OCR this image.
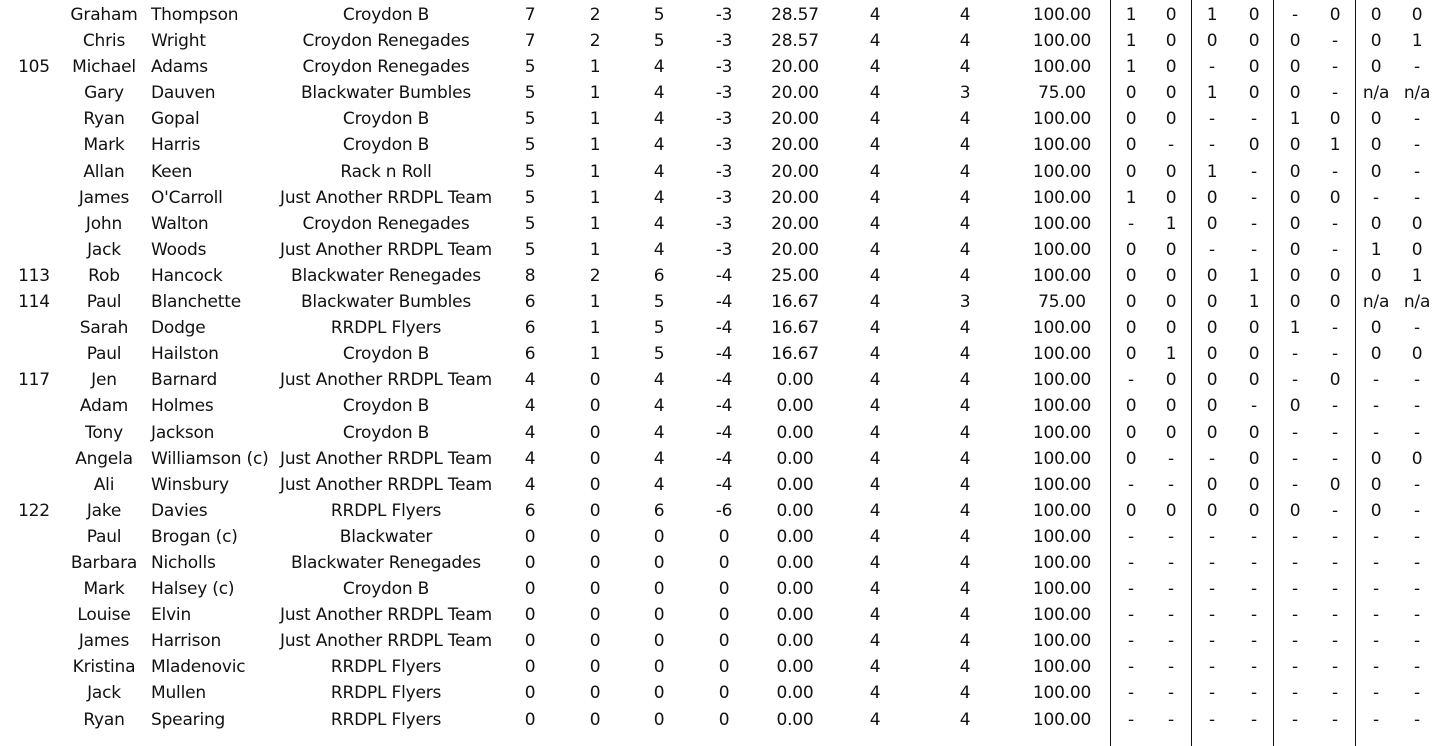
Graham Thompson	Croydon B	7	2	5	-3 28.57	4	4	100.00 1 0 1 0 - 0 0 0
Chris Wright	Croydon Renegades	7	2	5	-3 28.57	4	4	100.00 1 0 0 0 0 - 0 1
105 Michael Adams	Croydon Renegades	5	1	4	-3 20.00	4	4	100.00 1 0 - 0 0 - 0 -
Gary Dauven	Blackwater Bumbles	5	1	4	-3 20.00	4	3	75.00 0 0 1 0 0 - n/a n/a
Ryan Gopal	Croydon B	5	1	4	-3 20.00	4	4	100.00 0 0 - - 1 0 0 -
Mark Harris	Croydon B	5	1	4	-3 20.00	4	4	100.00 0 - - 0 0 1 0 -
Allan Keen	Rack n Roll	5	1	4	-3 20.00	4	4	100.00 0 0 1 - 0 - 0 -
James O'Carroll	Just Another RRDPL Team 5	1	4	-3 20.00	4	4	100.00 1 0 0 - 0 0 - -
John Walton	Croydon Renegades	5	1	4	-3 20.00	4	4	100.00 - 1 0 - 0 - 0 0
Jack Woods	Just Another RRDPL Team 5	1	4	-3 20.00	4	4	100.00 0 0 - - 0 - 1 0
113 Rob Hancock	Blackwater Renegades	8	2	6	-4 25.00	4	4	100.00 0 0 0 1 0 0 0 1
114 Paul Blanchette	Blackwater Bumbles	6	1	5	-4 16.67	4	3	75.00 0 0 0 1 0 0 n/a n/a
Sarah Dodge	RRDPL Flyers	6	1	5	-4 16.67	4	4	100.00 0 0 0 0 1 - 0 -
Paul Hailston	Croydon B	6	1	5	-4 16.67	4	4	100.00 0 1 0 0 - - 0 0
117 Jen Barnard	Just Another RRDPL Team 4	0	4	-4	0.00	4	4	100.00 - 0 0 0 - 0 - -
Adam Holmes	Croydon B	4	0	4	-4	0.00	4	4	100.00 0 0 0 - 0 - - -
Tony Jackson	Croydon B	4	0	4	-4	0.00	4	4	100.00 0 0 0 0 - - - -
Angela Williamson (c) Just Another RRDPL Team 4	0	4	-4	0.00	4	4	100.00 0 - - 0 - - 0 0
Ali Winsbury	Just Another RRDPL Team 4	0	4	-4	0.00	4	4	100.00 - - 0 0 - 0 0 -
122 Jake Davies	RRDPL Flyers	6	0	6	-6	0.00	4	4	100.00 0 0 0 0 0 - 0 -
Paul Brogan (c)	Blackwater	0	0	0	0	0.00	4	4	100.00 - - - - - - - -
Barbara Nicholls	Blackwater Renegades	0	0	0	0	0.00	4	4	100.00 - - - - - - - -
Mark Halsey (c)	Croydon B	0	0	0	0	0.00	4	4	100.00 - - - - - - - -
Louise Elvin	Just Another RRDPL Team 0	0	0	0	0.00	4	4	100.00 - - - - - - - -
James Harrison	Just Another RRDPL Team 0	0	0	0	0.00	4	4	100.00 - - - - - - - -
Kristina Mladenovic	RRDPL Flyers	0	0	0	0	0.00	4	4	100.00 - - - - - - - -
Jack Mullen	RRDPL Flyers	0	0	0	0	0.00	4	4	100.00 - - - - - - - -
Ryan Spearing	RRDPL Flyers	0	0	0	0	0.00	4	4	100.00 - - - - - - - -
